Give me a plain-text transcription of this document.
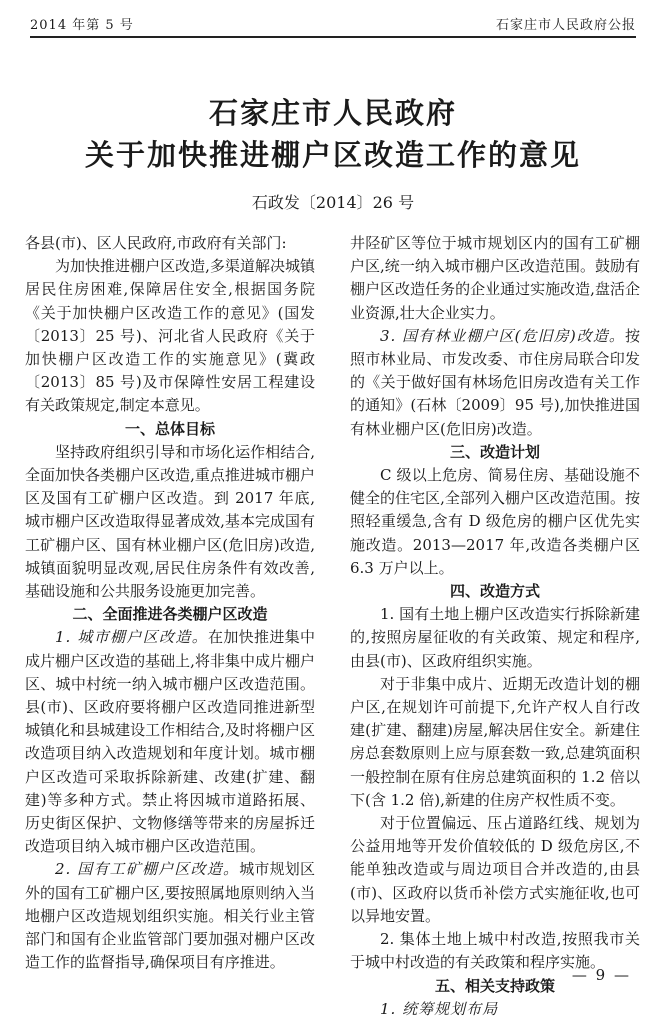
2014 年第 5 号	石家庄市人民政府公报
石家庄市人民政府
关于加快推进棚户区改造工作的意见
石政发〔2014〕26 号

各县(市)、区人民政府,市政府有关部门:

为加快推进棚户区改造,多渠道解决城镇居民住房困难,保障居住安全,根据国务院《关于加快棚户区改造工作的意见》(国发〔2013〕25 号)、河北省人民政府《关于加快棚户区改造工作的实施意见》(冀政〔2013〕85 号)及市保障性安居工程建设有关政策规定,制定本意见。

一、总体目标

坚持政府组织引导和市场化运作相结合,全面加快各类棚户区改造,重点推进城市棚户区及国有工矿棚户区改造。到 2017 年底,城市棚户区改造取得显著成效,基本完成国有工矿棚户区、国有林业棚户区(危旧房)改造,城镇面貌明显改观,居民住房条件有效改善,基础设施和公共服务设施更加完善。

二、全面推进各类棚户区改造

1. 城市棚户区改造。在加快推进集中成片棚户区改造的基础上,将非集中成片棚户区、城中村统一纳入城市棚户区改造范围。县(市)、区政府要将棚户区改造同推进新型城镇化和县城建设工作相结合,及时将棚户区改造项目纳入改造规划和年度计划。城市棚户区改造可采取拆除新建、改建(扩建、翻建)等多种方式。禁止将因城市道路拓展、历史街区保护、文物修缮等带来的房屋拆迁改造项目纳入城市棚户区改造范围。

2. 国有工矿棚户区改造。城市规划区外的国有工矿棚户区,要按照属地原则纳入当地棚户区改造规划组织实施。相关行业主管部门和国有企业监管部门要加强对棚户区改造工作的监督指导,确保项目有序推进。

井陉矿区等位于城市规划区内的国有工矿棚户区,统一纳入城市棚户区改造范围。鼓励有棚户区改造任务的企业通过实施改造,盘活企业资源,壮大企业实力。

3. 国有林业棚户区(危旧房)改造。按照市林业局、市发改委、市住房局联合印发的《关于做好国有林场危旧房改造有关工作的通知》(石林〔2009〕95 号),加快推进国有林业棚户区(危旧房)改造。

三、改造计划

C 级以上危房、简易住房、基础设施不健全的住宅区,全部列入棚户区改造范围。按照轻重缓急,含有 D 级危房的棚户区优先实施改造。2013—2017 年,改造各类棚户区 6.3 万户以上。

四、改造方式

1. 国有土地上棚户区改造实行拆除新建的,按照房屋征收的有关政策、规定和程序,由县(市)、区政府组织实施。

对于非集中成片、近期无改造计划的棚户区,在规划许可前提下,允许产权人自行改建(扩建、翻建)房屋,解决居住安全。新建住房总套数原则上应与原套数一致,总建筑面积一般控制在原有住房总建筑面积的 1.2 倍以下(含 1.2 倍),新建的住房产权性质不变。

对于位置偏远、压占道路红线、规划为公益用地等开发价值较低的 D 级危房区,不能单独改造或与周边项目合并改造的,由县(市)、区政府以货币补偿方式实施征收,也可以异地安置。

2. 集体土地上城中村改造,按照我市关于城中村改造的有关政策和程序实施。

五、相关支持政策

1. 统筹规划布局

— 9 —
